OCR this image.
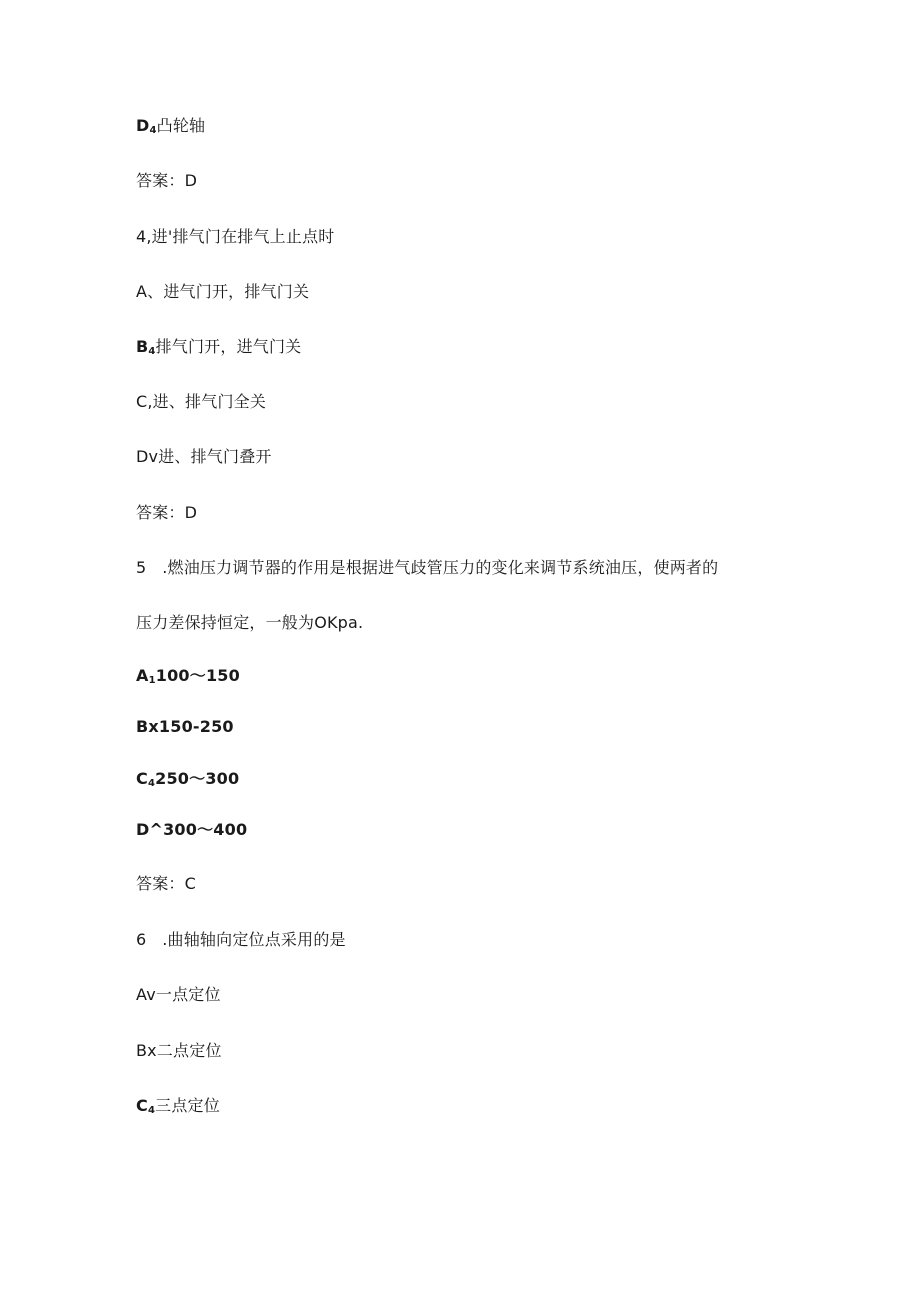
$D_4$凸轮轴
答案：D
4,进'排气门在排气上止点时
A、进气门开，排气门关
$B_4$排气门开，进气门关
C,进、排气门全关
Dv进、排气门叠开
答案：D
5   .燃油压力调节器的作用是根据进气歧管压力的变化来调节系统油压，使两者的
压力差保持恒定，一般为OKpa.
$A_1100$〜150
Bx150-250
$C_4250$〜300
D^300〜400
答案：C
6   .曲轴轴向定位点采用的是
Av一点定位
Bx二点定位
$C_4$三点定位
